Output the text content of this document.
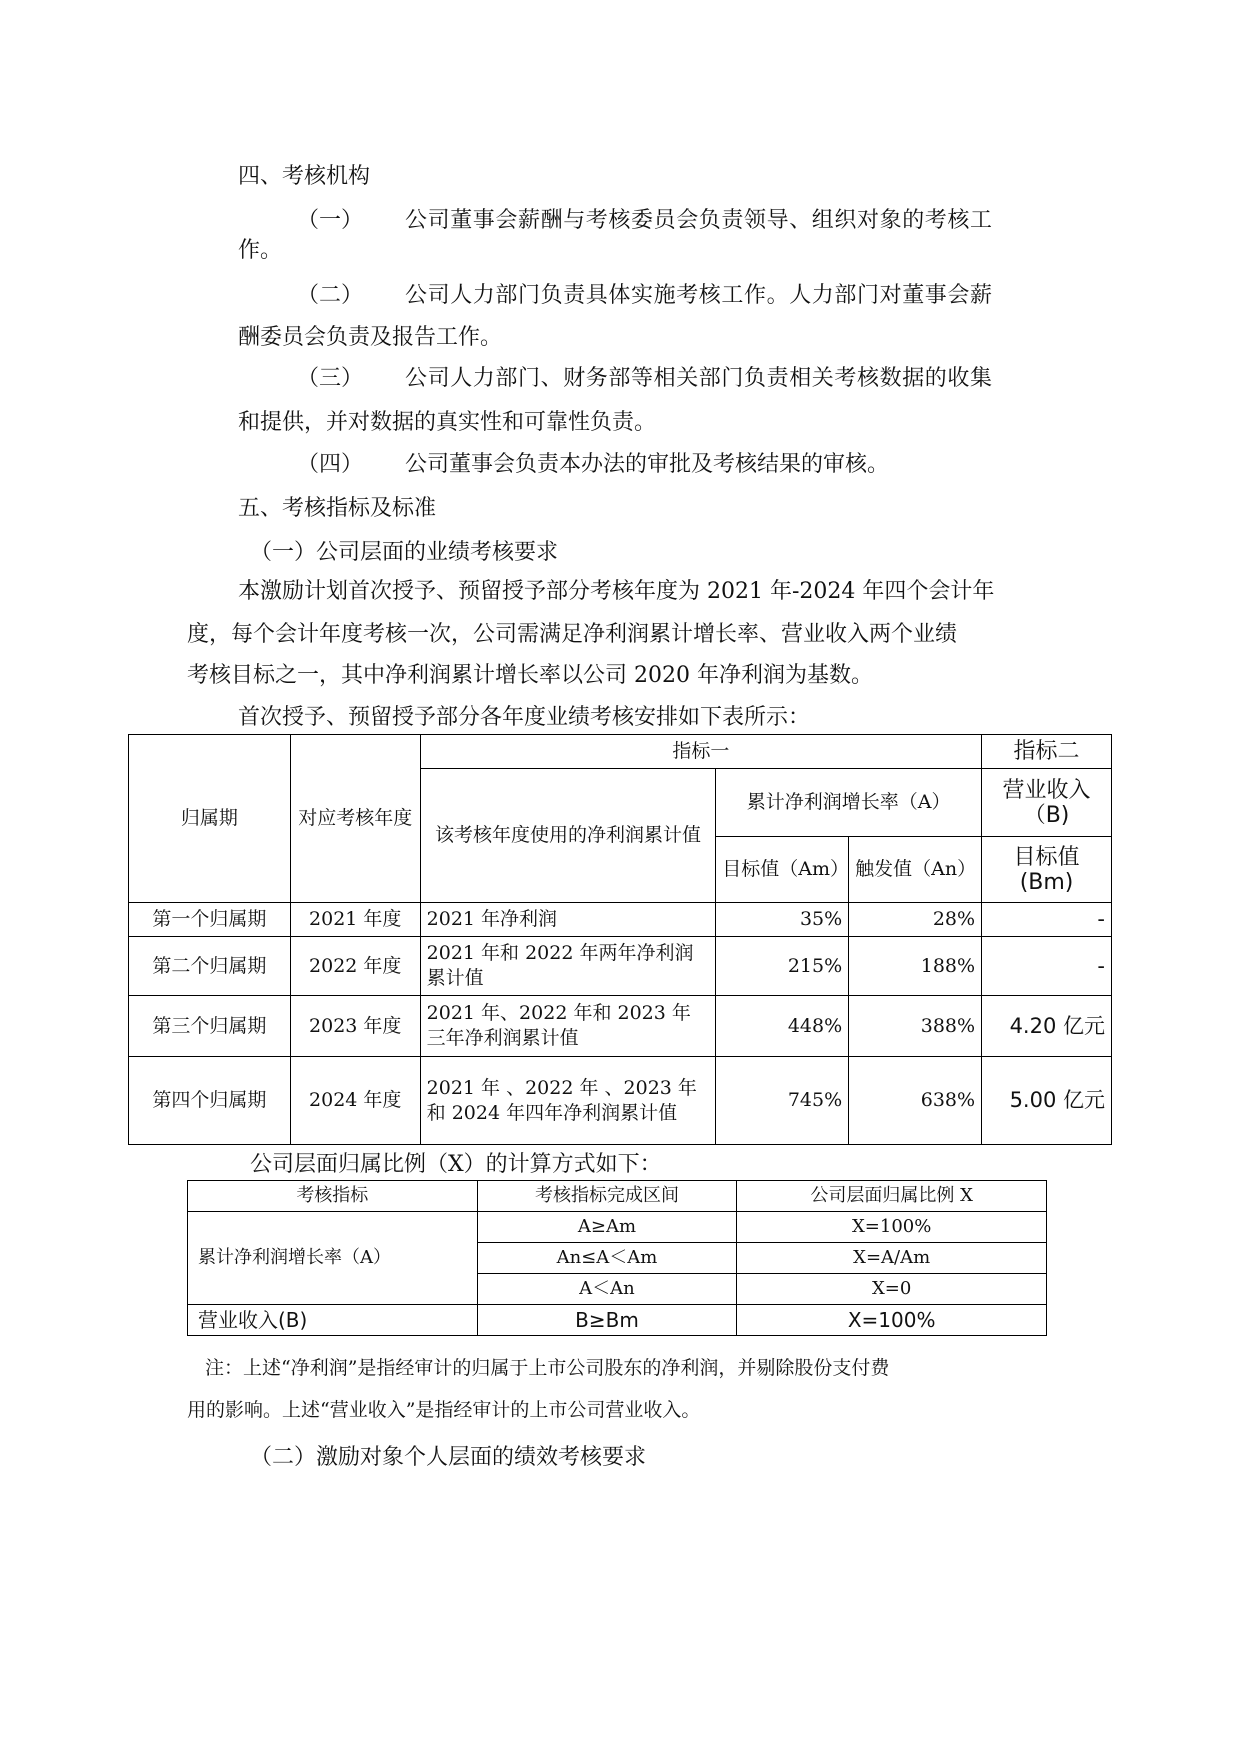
四、考核机构
（一） 公司董事会薪酬与考核委员会负责领导、组织对象的考核工
作。
（二） 公司人力部门负责具体实施考核工作。人力部门对董事会薪
酬委员会负责及报告工作。
（三） 公司人力部门、财务部等相关部门负责相关考核数据的收集
和提供，并对数据的真实性和可靠性负责。
（四） 公司董事会负责本办法的审批及考核结果的审核。
五、考核指标及标准
（一）公司层面的业绩考核要求
本激励计划首次授予、预留授予部分考核年度为 2021 年-2024 年四个会计年
度，每个会计年度考核一次，公司需满足净利润累计增长率、营业收入两个业绩
考核目标之一，其中净利润累计增长率以公司 2020 年净利润为基数。
首次授予、预留授予部分各年度业绩考核安排如下表所示：
归属期	对应考核年度	指标一			指标二
		该考核年度使用的净利润累计值	累计净利润增长率（A）		营业收入（B)
			目标值（Am）	触发值（An）	目标值(Bm)
第一个归属期	2021 年度	2021 年净利润	35%	28%	-
第二个归属期	2022 年度	2021 年和 2022 年两年净利润累计值	215%	188%	-
第三个归属期	2023 年度	2021 年、2022 年和 2023 年三年净利润累计值	448%	388%	4.20 亿元
第四个归属期	2024 年度	2021 年 、2022 年 、2023 年和 2024 年四年净利润累计值	745%	638%	5.00 亿元
公司层面归属比例（X）的计算方式如下：
考核指标	考核指标完成区间	公司层面归属比例 X
累计净利润增长率（A）	A≥Am	X=100%
	An≤A＜Am	X=A/Am
	A＜An	X=0
营业收入(B)	B≥Bm	X=100%
注：上述“净利润”是指经审计的归属于上市公司股东的净利润，并剔除股份支付费
用的影响。上述“营业收入”是指经审计的上市公司营业收入。
（二）激励对象个人层面的绩效考核要求
